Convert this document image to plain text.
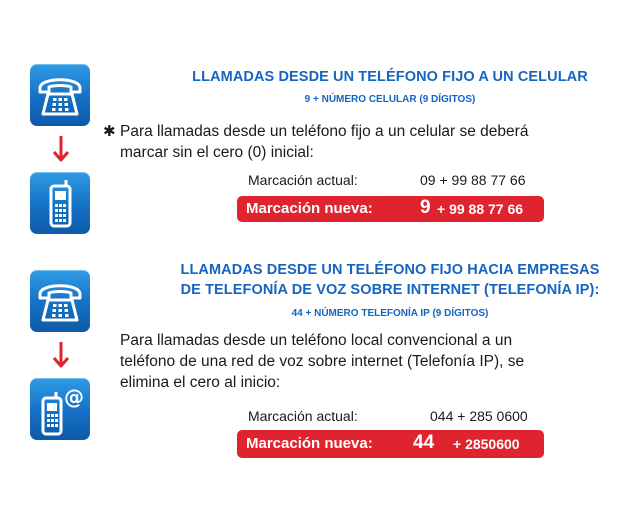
LLAMADAS DESDE UN TELÉFONO FIJO A UN CELULAR
9 + NÚMERO CELULAR (9 DÍGITOS)
✱ Para llamadas desde un teléfono fijo a un celular se deberá
marcar sin el cero (0) inicial:
Marcación actual:	09 + 99 88 77 66
Marcación nueva: 9 + 99 88 77 66
@
LLAMADAS DESDE UN TELÉFONO FIJO HACIA EMPRESAS
DE TELEFONÍA DE VOZ SOBRE INTERNET (TELEFONÍA IP):
44 + NÚMERO TELEFONÍA IP (9 DÍGITOS)
Para llamadas desde un teléfono local convencional a un
teléfono de una red de voz sobre internet (Telefonía IP), se
elimina el cero al inicio:
Marcación actual:	044 + 285 0600
Marcación nueva: 44 + 2850600
